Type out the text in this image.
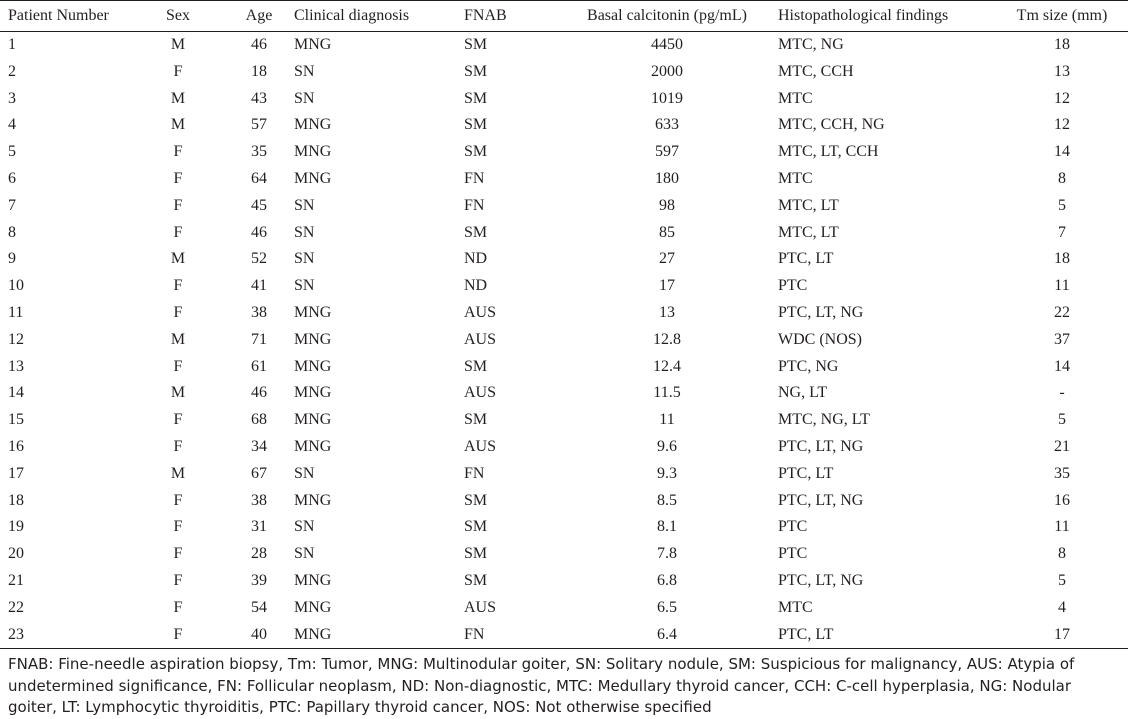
Patient Number	Sex	Age	Clinical diagnosis	FNAB	Basal calcitonin (pg/mL)	Histopathological findings	Tm size (mm)
1	M	46	MNG	SM	4450	MTC, NG	18
2	F	18	SN	SM	2000	MTC, CCH	13
3	M	43	SN	SM	1019	MTC	12
4	M	57	MNG	SM	633	MTC, CCH, NG	12
5	F	35	MNG	SM	597	MTC, LT, CCH	14
6	F	64	MNG	FN	180	MTC	8
7	F	45	SN	FN	98	MTC, LT	5
8	F	46	SN	SM	85	MTC, LT	7
9	M	52	SN	ND	27	PTC, LT	18
10	F	41	SN	ND	17	PTC	11
11	F	38	MNG	AUS	13	PTC, LT, NG	22
12	M	71	MNG	AUS	12.8	WDC (NOS)	37
13	F	61	MNG	SM	12.4	PTC, NG	14
14	M	46	MNG	AUS	11.5	NG, LT	-
15	F	68	MNG	SM	11	MTC, NG, LT	5
16	F	34	MNG	AUS	9.6	PTC, LT, NG	21
17	M	67	SN	FN	9.3	PTC, LT	35
18	F	38	MNG	SM	8.5	PTC, LT, NG	16
19	F	31	SN	SM	8.1	PTC	11
20	F	28	SN	SM	7.8	PTC	8
21	F	39	MNG	SM	6.8	PTC, LT, NG	5
22	F	54	MNG	AUS	6.5	MTC	4
23	F	40	MNG	FN	6.4	PTC, LT	17

FNAB: Fine-needle aspiration biopsy, Tm: Tumor, MNG: Multinodular goiter, SN: Solitary nodule, SM: Suspicious for malignancy, AUS: Atypia of undetermined significance, FN: Follicular neoplasm, ND: Non-diagnostic, MTC: Medullary thyroid cancer, CCH: C-cell hyperplasia, NG: Nodular goiter, LT: Lymphocytic thyroiditis, PTC: Papillary thyroid cancer, NOS: Not otherwise specified
